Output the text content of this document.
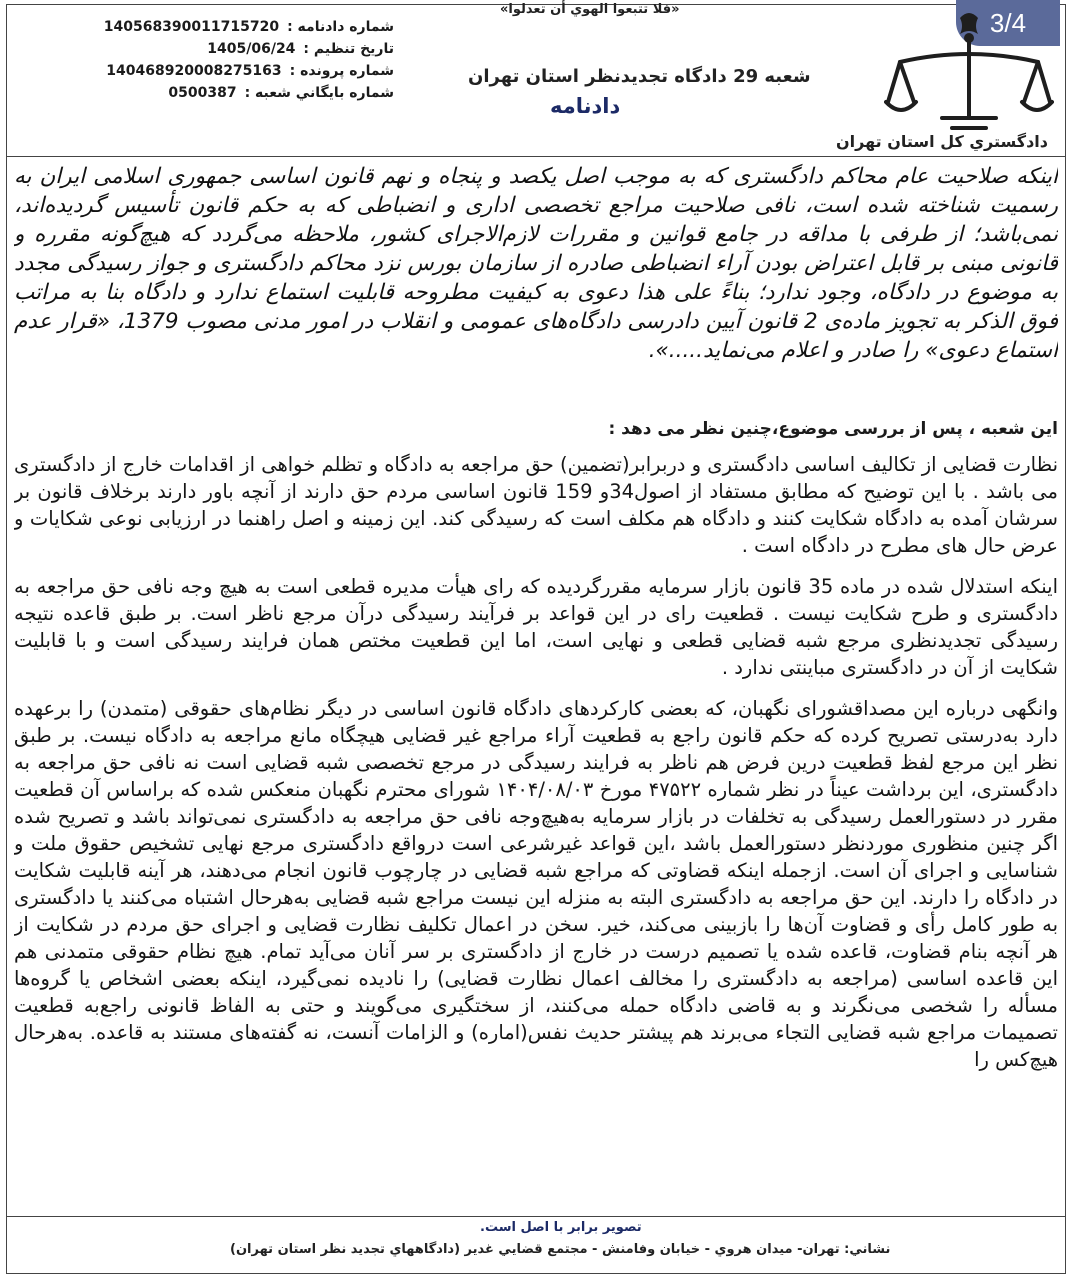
3/4
دادگستري كل استان تهران
«فلا تتبعوا الهوي أن تعدلوا»
شعبه 29 دادگاه تجديدنظر استان تهران
دادنامه
140568390011715720 شماره دادنامه :
1405/06/24 تاريخ تنظيم :
140468920008275163 شماره پرونده :
0500387 شماره بايگاني شعبه :

اینکه صلاحیت عام محاکم دادگستری که به موجب اصل یکصد و پنجاه و نهم قانون اساسی جمهوری اسلامی ایران به رسمیت شناخته شده است، نافی صلاحیت مراجع تخصصی اداری و انضباطی که به حکم قانون تأسیس گردیده‌اند، نمی‌باشد؛ از طرفی با مداقه در جامع قوانین و مقررات لازم‌الاجرای کشور، ملاحظه می‌گردد که هیچ‌گونه مقرره و قانونی مبنی بر قابل اعتراض بودن آراء انضباطی صادره از سازمان بورس نزد محاکم دادگستری و جواز رسیدگی مجدد به موضوع در دادگاه، وجود ندارد؛ بناءً علی هذا دعوی به کیفیت مطروحه قابلیت استماع ندارد و دادگاه بنا به مراتب فوق الذکر به تجویز ماده‌ی 2 قانون آیین دادرسی دادگاه‌های عمومی و انقلاب در امور مدنی مصوب 1379، «قرار عدم استماع دعوی» را صادر و اعلام می‌نماید.....».

این شعبه ، پس از بررسی موضوع،چنین نظر می دهد :

نظارت قضایی از تکالیف اساسی دادگستری و دربرابر(تضمین) حق مراجعه به دادگاه و تظلم خواهی از اقدامات خارج از دادگستری می باشد . با این توضیح که مطابق مستفاد از اصول34و 159 قانون اساسی مردم حق دارند از آنچه باور دارند برخلاف قانون بر سرشان آمده به دادگاه شکایت کنند و دادگاه هم مکلف است که رسیدگی کند. این زمینه و اصل راهنما در ارزیابی نوعی شکایات و عرض حال های مطرح در دادگاه است .

اینکه استدلال شده در ماده 35 قانون بازار سرمایه مقررگردیده که رای هیأت مدیره قطعی است به هیچ وجه نافی حق مراجعه به دادگستری و طرح شکایت نیست . قطعیت رای در این قواعد بر فرآیند رسیدگی درآن مرجع ناظر است. بر طبق قاعده نتیجه رسیدگی تجدیدنظری مرجع شبه قضایی قطعی و نهایی است، اما این قطعیت مختص همان فرایند رسیدگی است و با قابلیت شکایت از آن در دادگستری مباینتی ندارد .

وانگهی درباره این مصداقشورای نگهبان، که بعضی کارکردهای دادگاه قانون اساسی در دیگر نظام‌های حقوقی (متمدن) را برعهده دارد به‌درستی تصریح کرده که حکم قانون راجع به قطعیت آراء مراجع غیر قضایی هیچگاه مانع مراجعه به دادگاه نیست. بر طبق نظر این مرجع لفظ قطعیت درین فرض هم ناظر به فرایند رسیدگی در مرجع تخصصی شبه قضایی است نه نافی حق مراجعه به دادگستری، این برداشت عیناً در نظر شماره ۴۷۵۲۲ مورخ ۱۴۰۴/۰۸/۰۳ شورای محترم نگهبان منعکس شده که براساس آن قطعیت مقرر در دستورالعمل رسیدگی به تخلفات در بازار سرمایه به‌هیچ‌وجه نافی حق مراجعه به دادگستری نمی‌تواند باشد و تصریح شده اگر چنین منظوری موردنظر دستورالعمل باشد ،این قواعد غیرشرعی است درواقع دادگستری مرجع نهایی تشخیص حقوق ملت و شناسایی و اجرای آن است. ازجمله اینکه قضاوتی که مراجع شبه قضایی در چارچوب قانون انجام می‌دهند، هر آینه قابلیت شکایت در دادگاه را دارند. این حق مراجعه به دادگستری البته به منزله این نیست مراجع شبه قضایی به‌هرحال اشتباه می‌کنند یا دادگستری به طور کامل رأی و قضاوت آن‌ها را بازبینی می‌کند، خیر. سخن در اعمال تکلیف نظارت قضایی و اجرای حق مردم در شکایت از هر آنچه بنام قضاوت، قاعده شده یا تصمیم درست در خارج از دادگستری بر سر آنان می‌آید تمام. هیچ نظام حقوقی متمدنی هم این قاعده اساسی (مراجعه به دادگستری را مخالف اعمال نظارت قضایی) را نادیده نمی‌گیرد، اینکه بعضی اشخاص یا گروه‌ها مسأله را شخصی می‌نگرند و به قاضی دادگاه حمله می‌کنند، از سختگیری می‌گویند و حتی به الفاظ قانونی راجع‌به قطعیت تصمیمات مراجع شبه قضایی التجاء می‌برند هم پیشتر حدیث نفس(اماره) و الزامات آنست، نه گفته‌های مستند به قاعده. به‌هرحال هیچ‌کس را

تصویر برابر با اصل است.
نشاني: تهران- ميدان هروي - خيابان وفامنش - مجتمع قضايي غدير (دادگاههاي تجديد نظر استان تهران)
